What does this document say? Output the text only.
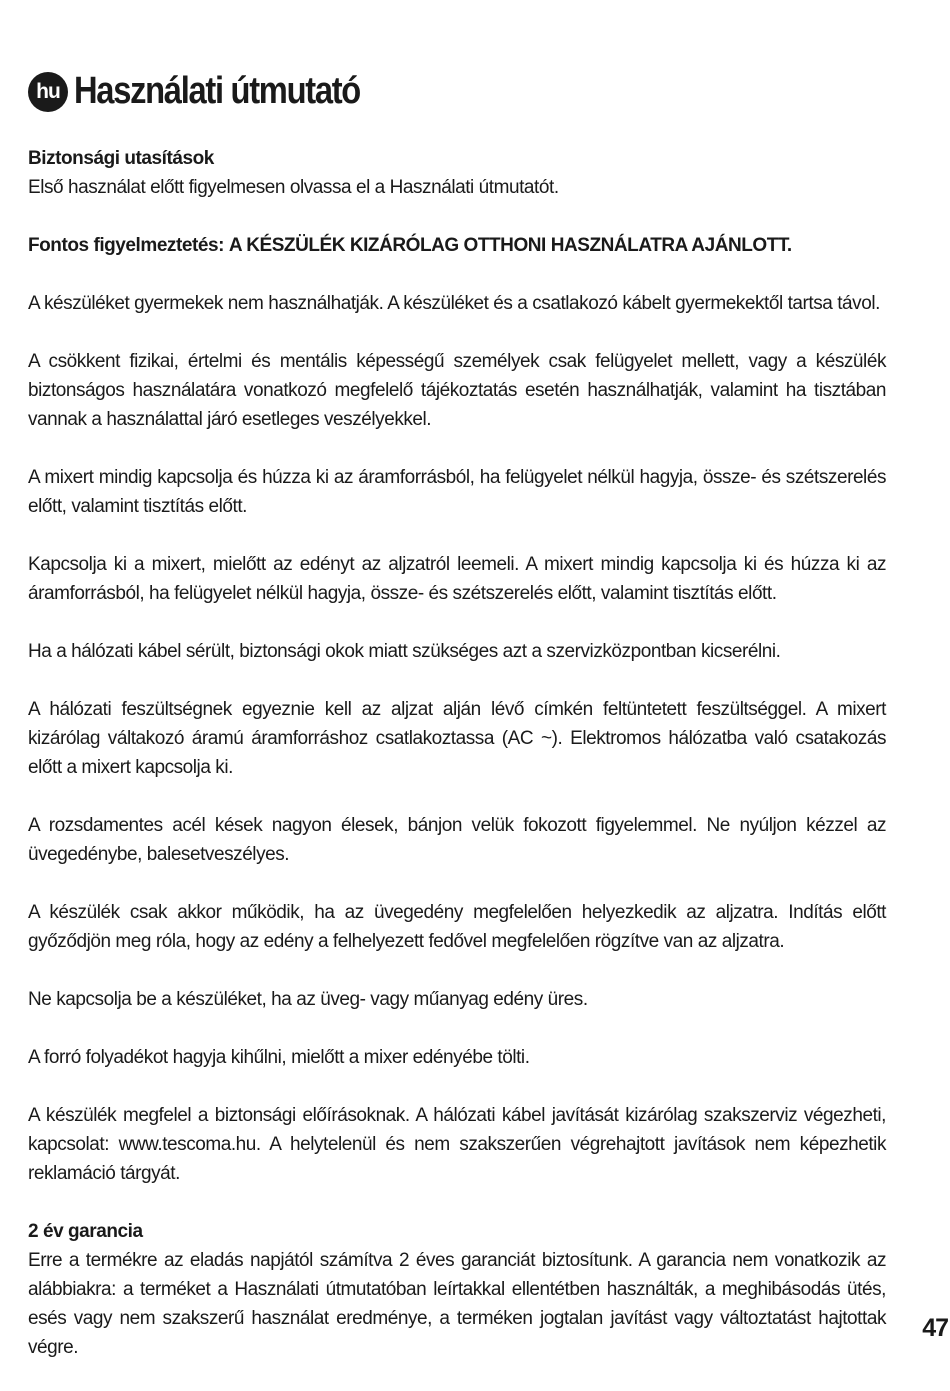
hu Használati útmutató
Biztonsági utasítások
Első használat előtt figyelmesen olvassa el a Használati útmutatót.
Fontos figyelmeztetés: A KÉSZÜLÉK KIZÁRÓLAG OTTHONI HASZNÁLATRA AJÁNLOTT.

A készüléket gyermekek nem használhatják. A készüléket és a csatlakozó kábelt gyermekektől tartsa távol.

A csökkent fizikai, értelmi és mentális képességű személyek csak felügyelet mellett, vagy a készülék biztonságos használatára vonatkozó megfelelő tájékoztatás esetén használhatják, valamint ha tisztában vannak a használattal járó esetleges veszélyekkel.

A mixert mindig kapcsolja és húzza ki az áramforrásból, ha felügyelet nélkül hagyja, össze- és szétszerelés előtt, valamint tisztítás előtt.

Kapcsolja ki a mixert, mielőtt az edényt az aljzatról leemeli. A mixert mindig kapcsolja ki és húzza ki az áramforrásból, ha felügyelet nélkül hagyja, össze- és szétszerelés előtt, valamint tisztítás előtt.

Ha a hálózati kábel sérült, biztonsági okok miatt szükséges azt a szervizközpontban kicserélni.

A hálózati feszültségnek egyeznie kell az aljzat alján lévő címkén feltüntetett feszültséggel. A mixert kizárólag váltakozó áramú áramforráshoz csatlakoztassa (AC ~). Elektromos hálózatba való csatakozás előtt a mixert kapcsolja ki.

A rozsdamentes acél kések nagyon élesek, bánjon velük fokozott figyelemmel. Ne nyúljon kézzel az üvegedénybe, balesetveszélyes.

A készülék csak akkor működik, ha az üvegedény megfelelően helyezkedik az aljzatra. Indítás előtt győződjön meg róla, hogy az edény a felhelyezett fedővel megfelelően rögzítve van az aljzatra.

Ne kapcsolja be a készüléket, ha az üveg- vagy műanyag edény üres.

A forró folyadékot hagyja kihűlni, mielőtt a mixer edényébe tölti.

A készülék megfelel a biztonsági előírásoknak. A hálózati kábel javítását kizárólag szakszerviz végezheti, kapcsolat: www.tescoma.hu. A helytelenül és nem szakszerűen végrehajtott javítások nem képezhetik reklamáció tárgyát.

2 év garancia
Erre a termékre az eladás napjától számítva 2 éves garanciát biztosítunk. A garancia nem vonatkozik az alábbiakra: a terméket a Használati útmutatóban leírtakkal ellentétben használták, a meghibásodás ütés, esés vagy nem szakszerű használat eredménye, a terméken jogtalan javítást vagy változtatást hajtottak végre.
47
